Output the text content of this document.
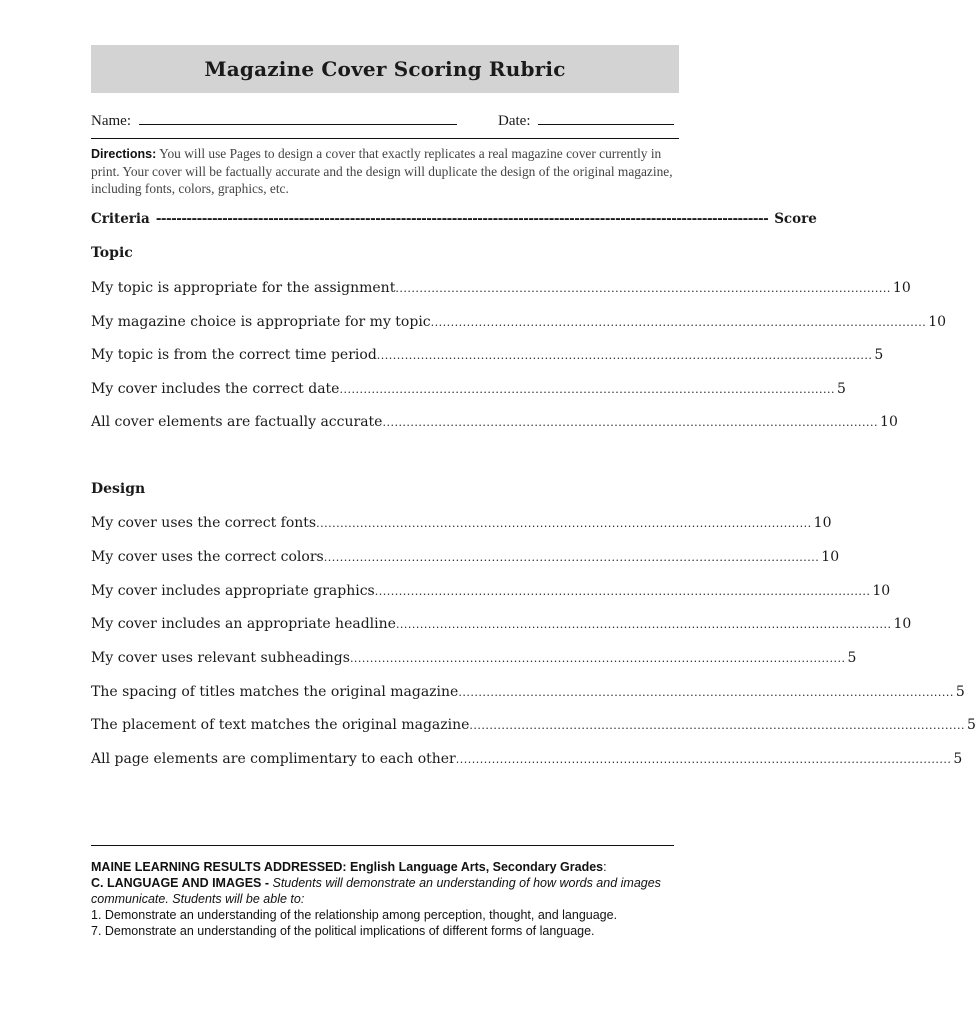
Magazine Cover Scoring Rubric
Name:	Date:
Directions: You will use Pages to design a cover that exactly replicates a real magazine cover currently in print. Your cover will be factually accurate and the design will duplicate the design of the original magazine, including fonts, colors, graphics, etc.
Criteria ------------------------------------------------------------------------------------------------------------------------ Score
Topic
My topic is appropriate for the assignment ............................................................................................................................ 10
My magazine choice is appropriate for my topic ............................................................................................................................ 10
My topic is from the correct time period ............................................................................................................................ 5
My cover includes the correct date ............................................................................................................................ 5
All cover elements are factually accurate ............................................................................................................................ 10
Design
My cover uses the correct fonts ............................................................................................................................ 10
My cover uses the correct colors ............................................................................................................................ 10
My cover includes appropriate graphics ............................................................................................................................ 10
My cover includes an appropriate headline ............................................................................................................................ 10
My cover uses relevant subheadings ............................................................................................................................ 5
The spacing of titles matches the original magazine ............................................................................................................................ 5
The placement of text matches the original magazine ............................................................................................................................ 5
All page elements are complimentary to each other ............................................................................................................................ 5
MAINE LEARNING RESULTS ADDRESSED: English Language Arts, Secondary Grades:
C. LANGUAGE AND IMAGES - Students will demonstrate an understanding of how words and images communicate. Students will be able to:
1. Demonstrate an understanding of the relationship among perception, thought, and language.
7. Demonstrate an understanding of the political implications of different forms of language.
